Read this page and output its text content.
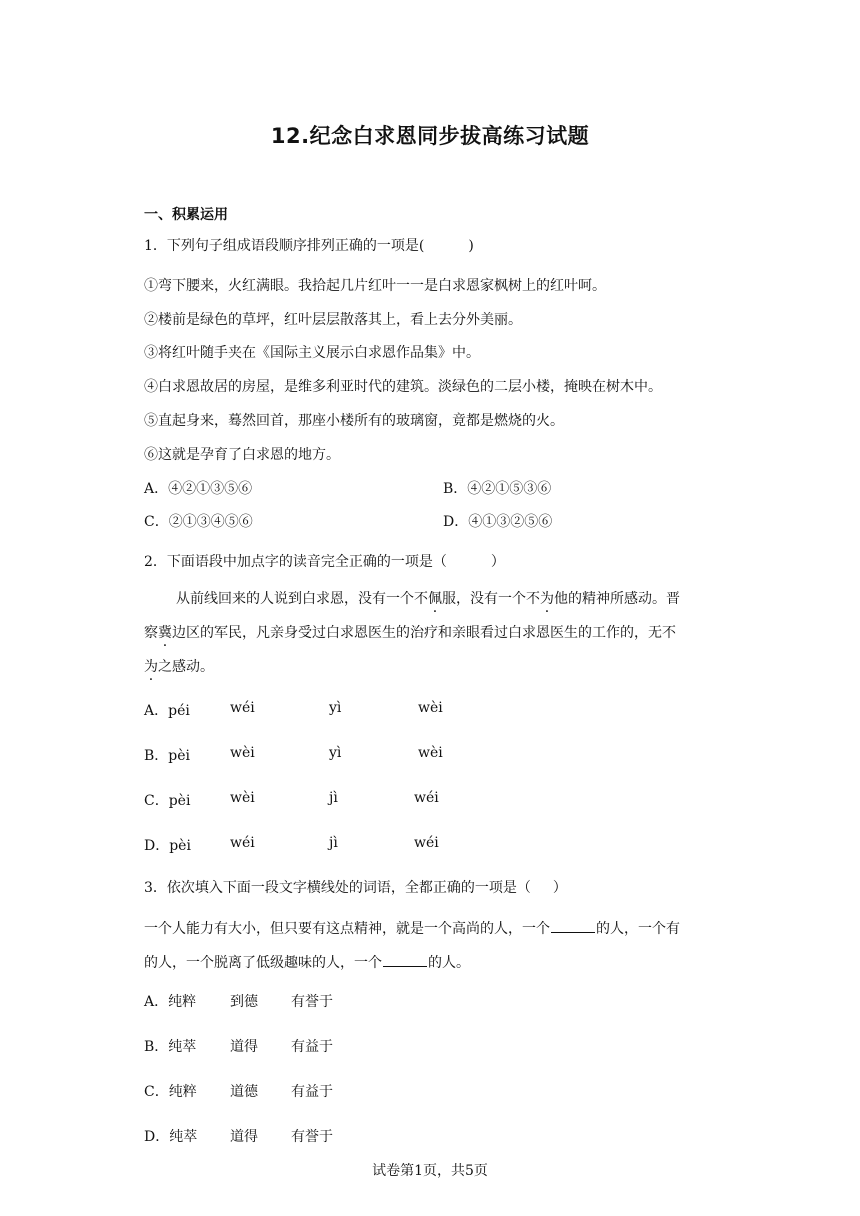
12.纪念白求恩同步拔高练习试题
一、积累运用
1．下列句子组成语段顺序排列正确的一项是(	)
①弯下腰来，火红满眼。我拾起几片红叶一一是白求恩家枫树上的红叶呵。
②楼前是绿色的草坪，红叶层层散落其上，看上去分外美丽。
③将红叶随手夹在《国际主义展示白求恩作品集》中。
④白求恩故居的房屋，是维多利亚时代的建筑。淡绿色的二层小楼，掩映在树木中。
⑤直起身来，蓦然回首，那座小楼所有的玻璃窗，竟都是燃烧的火。
⑥这就是孕育了白求恩的地方。
A．④②①③⑤⑥	B．④②①⑤③⑥
C．②①③④⑤⑥	D．④①③②⑤⑥
2．下面语段中加点字的读音完全正确的一项是（	）
从前线回来的人说到白求恩，没有一个不佩服，没有一个不为他的精神所感动。晋
察冀边区的军民，凡亲身受过白求恩医生的治疗和亲眼看过白求恩医生的工作的，无不
为之感动。
A．péi	wéi	yì	wèi
B．pèi	wèi	yì	wèi
C．pèi	wèi	jì	wéi
D．pèi	wéi	jì	wéi
3．依次填入下面一段文字横线处的词语，全都正确的一项是（ ）
一个人能力有大小，但只要有这点精神，就是一个高尚的人，一个	的人，一个有
的人，一个脱离了低级趣味的人，一个	的人。
A．纯粹 到德 有誉于
B．纯萃 道得 有益于
C．纯粹 道德 有益于
D．纯萃 道得 有誉于
试卷第1页，共5页
